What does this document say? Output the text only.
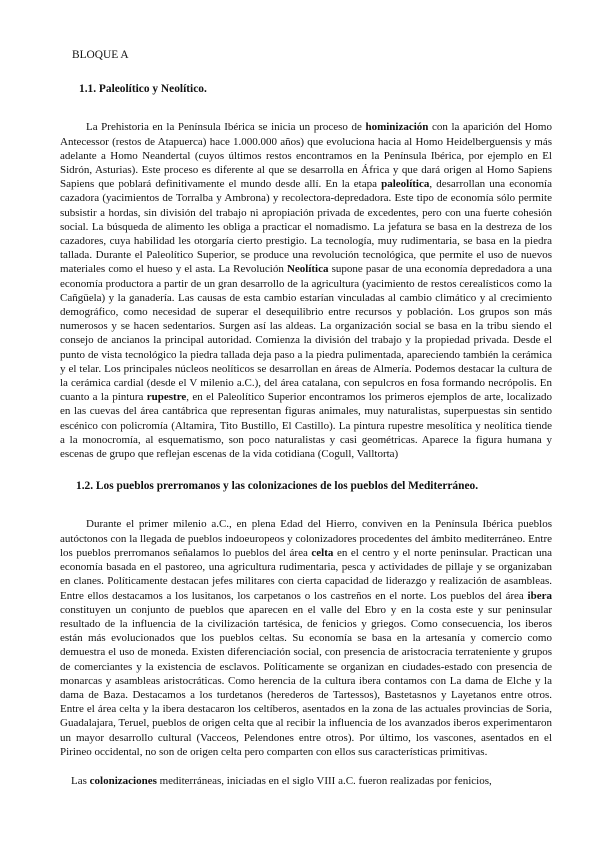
BLOQUE A
1.1. Paleolítico y Neolítico.

La Prehistoria en la Península Ibérica se inicia un proceso de hominización con la aparición del Homo Antecessor (restos de Atapuerca) hace 1.000.000 años) que evoluciona hacia al Homo Heidelberguensis y más adelante a Homo Neandertal (cuyos últimos restos encontramos en la Península Ibérica, por ejemplo en El Sidrón, Asturias). Este proceso es diferente al que se desarrolla en África y que dará origen al Homo Sapiens Sapiens que poblará definitivamente el mundo desde allí. En la etapa paleolítica, desarrollan una economía cazadora (yacimientos de Torralba y Ambrona) y recolectora-depredadora. Este tipo de economía sólo permite subsistir a hordas, sin división del trabajo ni apropiación privada de excedentes, pero con una fuerte cohesión social. La búsqueda de alimento les obliga a practicar el nomadismo. La jefatura se basa en la destreza de los cazadores, cuya habilidad les otorgaría cierto prestigio. La tecnología, muy rudimentaria, se basa en la piedra tallada. Durante el Paleolítico Superior, se produce una revolución tecnológica, que permite el uso de nuevos materiales como el hueso y el asta. La Revolución Neolítica supone pasar de una economía depredadora a una economía productora a partir de un gran desarrollo de la agricultura (yacimiento de restos cerealísticos como la Cañgüela) y la ganadería. Las causas de esta cambio estarían vinculadas al cambio climático y al crecimiento demográfico, como necesidad de superar el desequilibrio entre recursos y población. Los grupos son más numerosos y se hacen sedentarios. Surgen así las aldeas. La organización social se basa en la tribu siendo el consejo de ancianos la principal autoridad. Comienza la división del trabajo y la propiedad privada. Desde el punto de vista tecnológico la piedra tallada deja paso a la piedra pulimentada, apareciendo también la cerámica y el telar. Los principales núcleos neolíticos se desarrollan en áreas de Almería. Podemos destacar la cultura de la cerámica cardial (desde el V milenio a.C.), del área catalana, con sepulcros en fosa formando necrópolis. En cuanto a la pintura rupestre, en el Paleolítico Superior encontramos los primeros ejemplos de arte, localizado en las cuevas del área cantábrica que representan figuras animales, muy naturalistas, superpuestas sin sentido escénico con policromía (Altamira, Tito Bustillo, El Castillo). La pintura rupestre mesolítica y neolítica tiende a la monocromía, al esquematismo, son poco naturalistas y casi geométricas. Aparece la figura humana y escenas de grupo que reflejan escenas de la vida cotidiana (Cogull, Valltorta)

1.2. Los pueblos prerromanos y las colonizaciones de los pueblos del Mediterráneo.

Durante el primer milenio a.C., en plena Edad del Hierro, conviven en la Península Ibérica pueblos autóctonos con la llegada de pueblos indoeuropeos y colonizadores procedentes del ámbito mediterráneo. Entre los pueblos prerromanos señalamos lo pueblos del área celta en el centro y el norte peninsular. Practican una economía basada en el pastoreo, una agricultura rudimentaria, pesca y actividades de pillaje y se organizaban en clanes. Políticamente destacan jefes militares con cierta capacidad de liderazgo y realización de asambleas. Entre ellos destacamos a los lusitanos, los carpetanos o los castreños en el norte. Los pueblos del área ibera constituyen un conjunto de pueblos que aparecen en el valle del Ebro y en la costa este y sur peninsular resultado de la influencia de la civilización tartésica, de fenicios y griegos. Como consecuencia, los iberos están más evolucionados que los pueblos celtas. Su economía se basa en la artesanía y comercio como demuestra el uso de moneda. Existen diferenciación social, con presencia de aristocracia terrateniente y grupos de comerciantes y la existencia de esclavos. Políticamente se organizan en ciudades-estado con presencia de monarcas y asambleas aristocráticas. Como herencia de la cultura ibera contamos con La dama de Elche y la dama de Baza. Destacamos a los turdetanos (herederos de Tartessos), Bastetasnos y Layetanos entre otros. Entre el área celta y la ibera destacaron los celtíberos, asentados en la zona de las actuales provincias de Soria, Guadalajara, Teruel, pueblos de origen celta que al recibir la influencia de los avanzados iberos experimentaron un mayor desarrollo cultural (Vacceos, Pelendones entre otros). Por último, los vascones, asentados en el Pirineo occidental, no son de origen celta pero comparten con ellos sus características primitivas.

Las colonizaciones mediterráneas, iniciadas en el siglo VIII a.C. fueron realizadas por fenicios,
